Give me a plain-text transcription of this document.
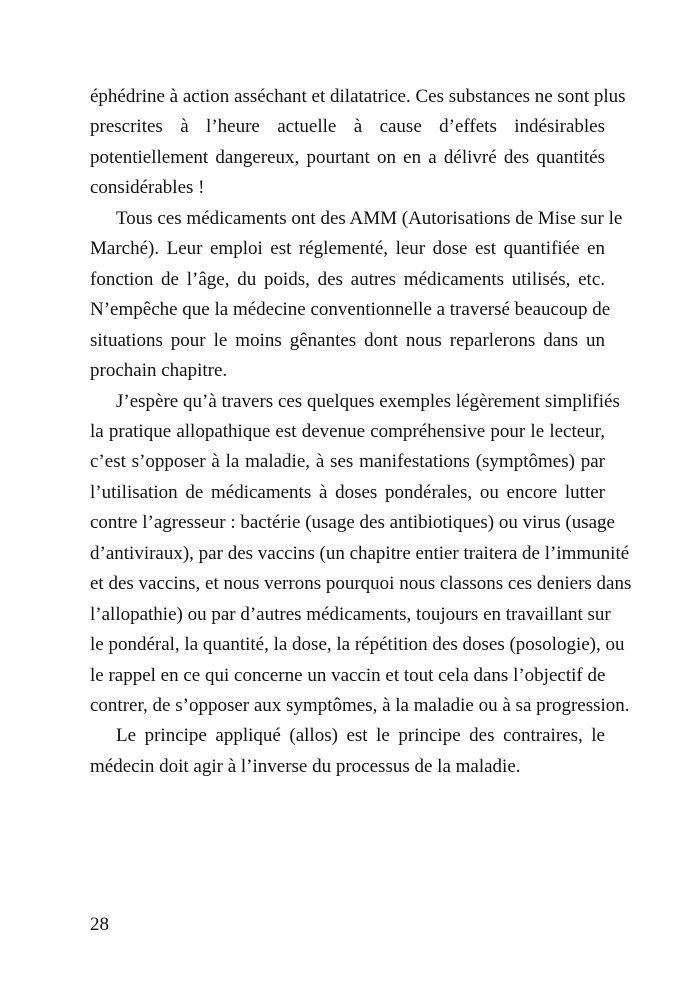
éphédrine à action asséchant et dilatatrice. Ces substances ne sont plus
prescrites à l’heure actuelle à cause d’effets indésirables
potentiellement dangereux, pourtant on en a délivré des quantités
considérables !
Tous ces médicaments ont des AMM (Autorisations de Mise sur le
Marché). Leur emploi est réglementé, leur dose est quantifiée en
fonction de l’âge, du poids, des autres médicaments utilisés, etc.
N’empêche que la médecine conventionnelle a traversé beaucoup de
situations pour le moins gênantes dont nous reparlerons dans un
prochain chapitre.
J’espère qu’à travers ces quelques exemples légèrement simplifiés
la pratique allopathique est devenue compréhensive pour le lecteur,
c’est s’opposer à la maladie, à ses manifestations (symptômes) par
l’utilisation de médicaments à doses pondérales, ou encore lutter
contre l’agresseur : bactérie (usage des antibiotiques) ou virus (usage
d’antiviraux), par des vaccins (un chapitre entier traitera de l’immunité
et des vaccins, et nous verrons pourquoi nous classons ces deniers dans
l’allopathie) ou par d’autres médicaments, toujours en travaillant sur
le pondéral, la quantité, la dose, la répétition des doses (posologie), ou
le rappel en ce qui concerne un vaccin et tout cela dans l’objectif de
contrer, de s’opposer aux symptômes, à la maladie ou à sa progression.
Le principe appliqué (allos) est le principe des contraires, le
médecin doit agir à l’inverse du processus de la maladie.
28
